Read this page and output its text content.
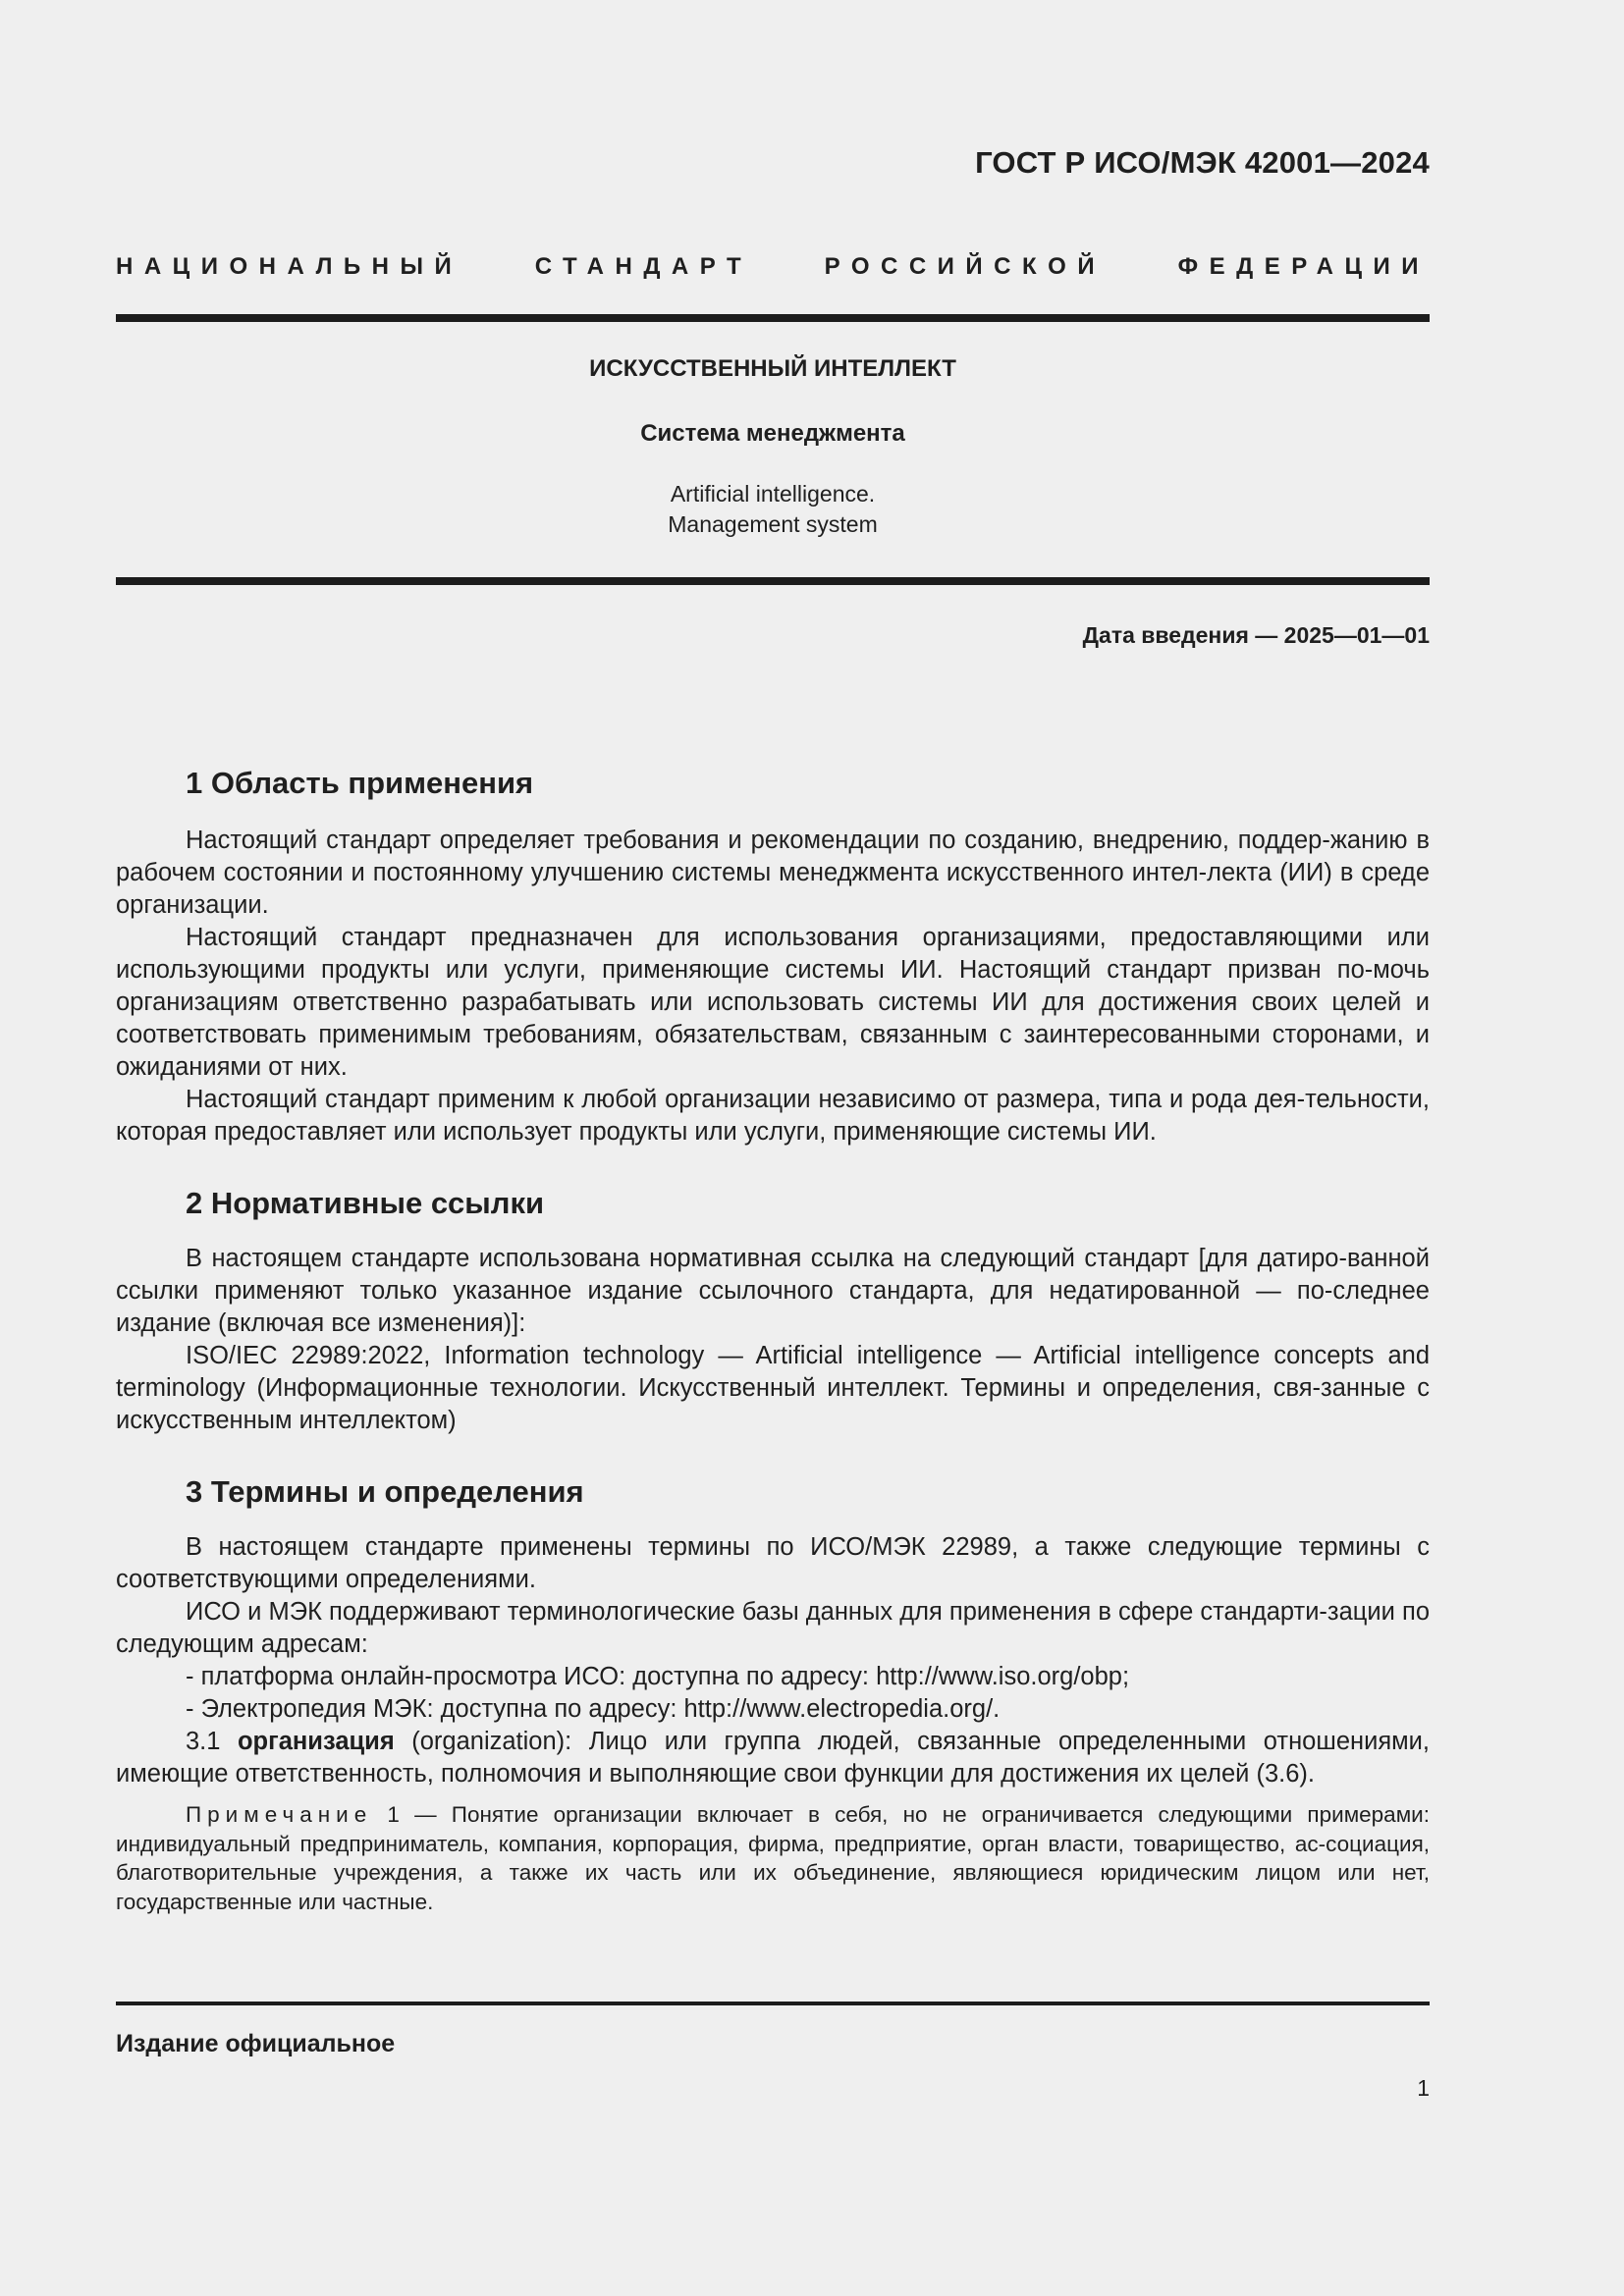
ГОСТ Р ИСО/МЭК 42001—2024
НАЦИОНАЛЬНЫЙ СТАНДАРТ РОССИЙСКОЙ ФЕДЕРАЦИИ
ИСКУССТВЕННЫЙ ИНТЕЛЛЕКТ
Система менеджмента
Artificial intelligence.
Management system
Дата введения — 2025—01—01
1 Область применения

Настоящий стандарт определяет требования и рекомендации по созданию, внедрению, поддер-жанию в рабочем состоянии и постоянному улучшению системы менеджмента искусственного интел-лекта (ИИ) в среде организации.

Настоящий стандарт предназначен для использования организациями, предоставляющими или использующими продукты или услуги, применяющие системы ИИ. Настоящий стандарт призван по-мочь организациям ответственно разрабатывать или использовать системы ИИ для достижения своих целей и соответствовать применимым требованиям, обязательствам, связанным с заинтересованными сторонами, и ожиданиями от них.

Настоящий стандарт применим к любой организации независимо от размера, типа и рода дея-тельности, которая предоставляет или использует продукты или услуги, применяющие системы ИИ.

2 Нормативные ссылки

В настоящем стандарте использована нормативная ссылка на следующий стандарт [для датиро-ванной ссылки применяют только указанное издание ссылочного стандарта, для недатированной — по-следнее издание (включая все изменения)]:

ISO/IEC 22989:2022, Information technology — Artificial intelligence — Artificial intelligence concepts and terminology (Информационные технологии. Искусственный интеллект. Термины и определения, свя-занные с искусственным интеллектом)

3 Термины и определения

В настоящем стандарте применены термины по ИСО/МЭК 22989, а также следующие термины с соответствующими определениями.

ИСО и МЭК поддерживают терминологические базы данных для применения в сфере стандарти-зации по следующим адресам:

- платформа онлайн-просмотра ИСО: доступна по адресу: http://www.iso.org/obp;
- Электропедия МЭК: доступна по адресу: http://www.electropedia.org/.

3.1 организация (organization): Лицо или группа людей, связанные определенными отношениями, имеющие ответственность, полномочия и выполняющие свои функции для достижения их целей (3.6).

Примечание 1 — Понятие организации включает в себя, но не ограничивается следующими примерами: индивидуальный предприниматель, компания, корпорация, фирма, предприятие, орган власти, товарищество, ас-социация, благотворительные учреждения, а также их часть или их объединение, являющиеся юридическим лицом или нет, государственные или частные.

Издание официальное
1
